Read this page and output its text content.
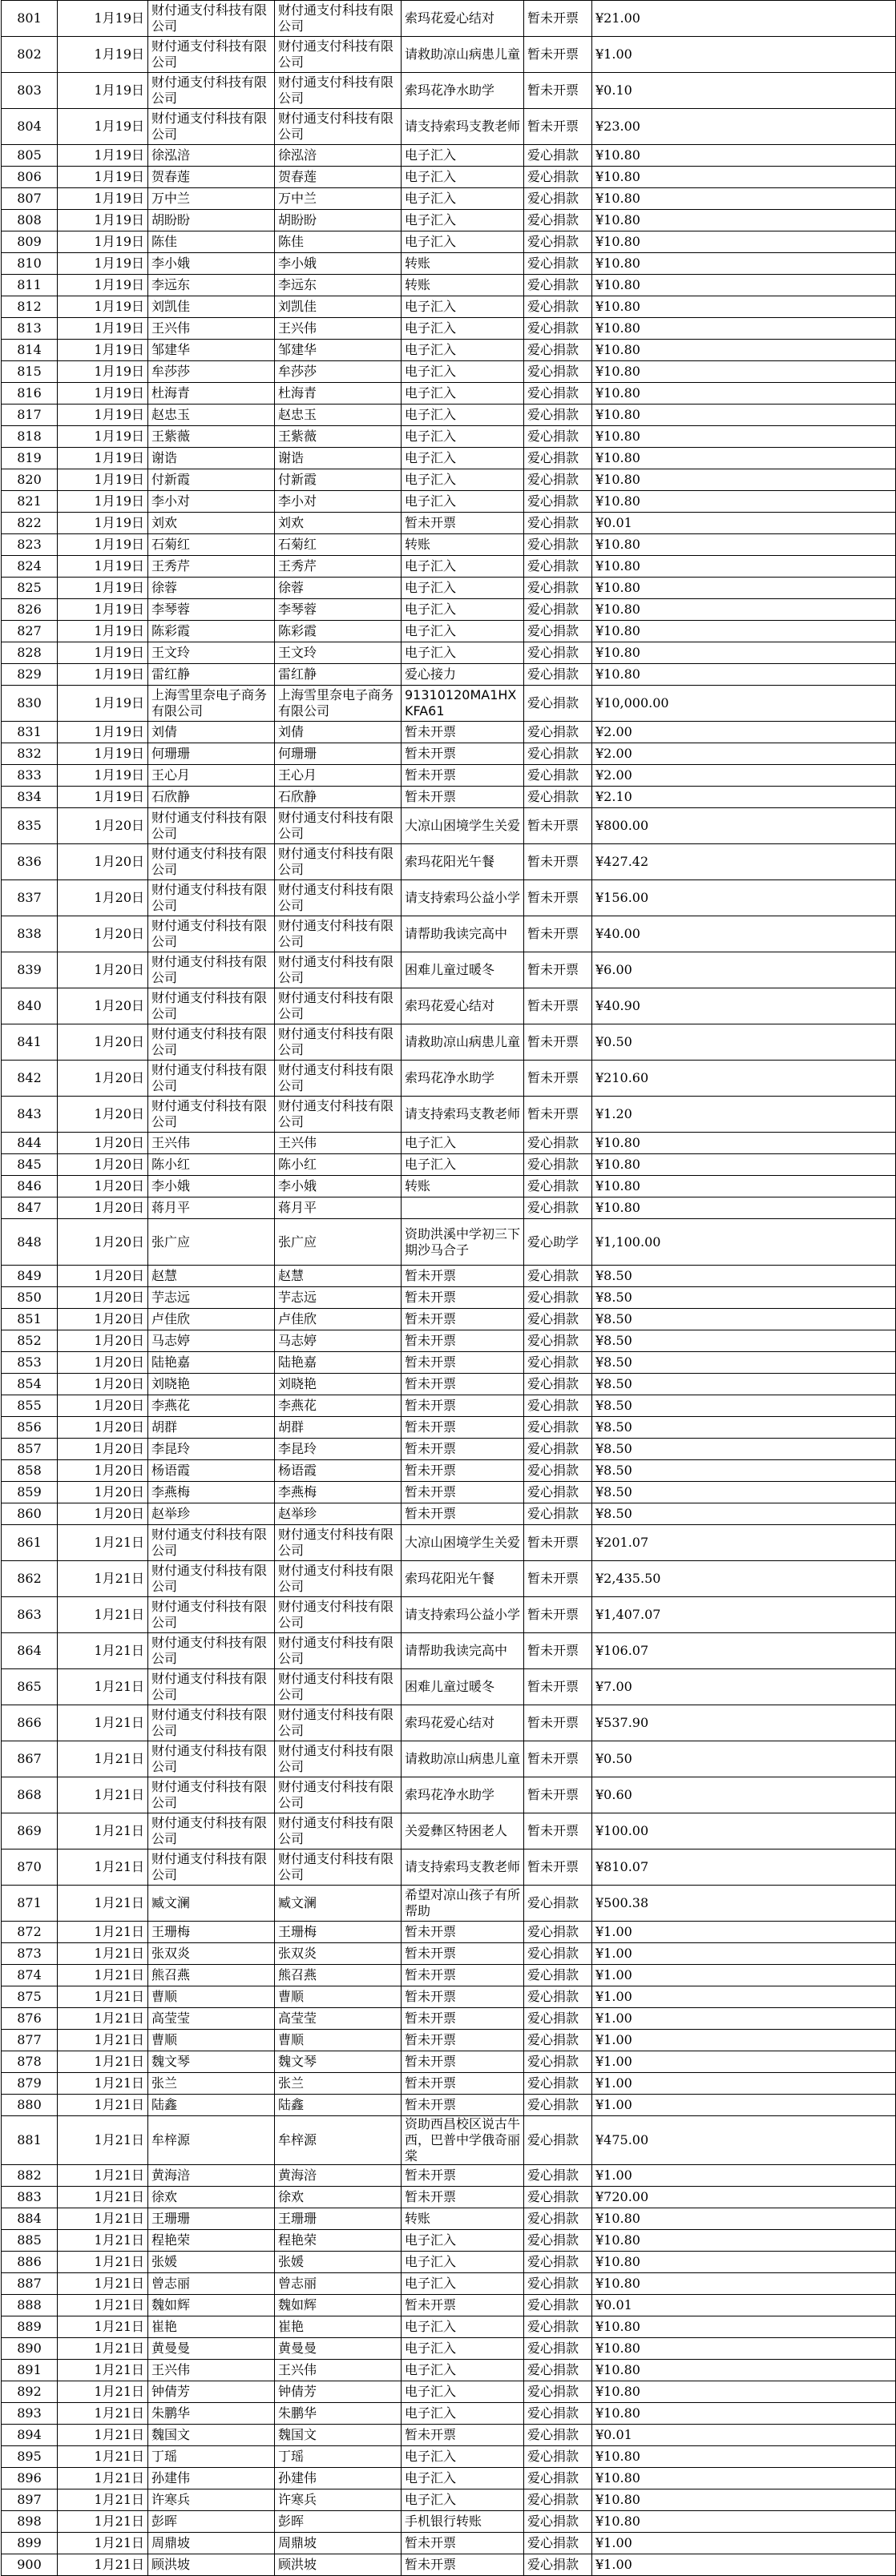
801	1月19日	财付通支付科技有限公司	财付通支付科技有限公司	索玛花爱心结对	暂未开票	¥21.00
802	1月19日	财付通支付科技有限公司	财付通支付科技有限公司	请救助凉山病患儿童	暂未开票	¥1.00
803	1月19日	财付通支付科技有限公司	财付通支付科技有限公司	索玛花净水助学	暂未开票	¥0.10
804	1月19日	财付通支付科技有限公司	财付通支付科技有限公司	请支持索玛支教老师	暂未开票	¥23.00
805	1月19日	徐泓涪	徐泓涪	电子汇入	爱心捐款	¥10.80
806	1月19日	贺春莲	贺春莲	电子汇入	爱心捐款	¥10.80
807	1月19日	万中兰	万中兰	电子汇入	爱心捐款	¥10.80
808	1月19日	胡盼盼	胡盼盼	电子汇入	爱心捐款	¥10.80
809	1月19日	陈佳	陈佳	电子汇入	爱心捐款	¥10.80
810	1月19日	李小娥	李小娥	转账	爱心捐款	¥10.80
811	1月19日	李远东	李远东	转账	爱心捐款	¥10.80
812	1月19日	刘凯佳	刘凯佳	电子汇入	爱心捐款	¥10.80
813	1月19日	王兴伟	王兴伟	电子汇入	爱心捐款	¥10.80
814	1月19日	邹建华	邹建华	电子汇入	爱心捐款	¥10.80
815	1月19日	牟莎莎	牟莎莎	电子汇入	爱心捐款	¥10.80
816	1月19日	杜海青	杜海青	电子汇入	爱心捐款	¥10.80
817	1月19日	赵忠玉	赵忠玉	电子汇入	爱心捐款	¥10.80
818	1月19日	王紫薇	王紫薇	电子汇入	爱心捐款	¥10.80
819	1月19日	谢诰	谢诰	电子汇入	爱心捐款	¥10.80
820	1月19日	付新霞	付新霞	电子汇入	爱心捐款	¥10.80
821	1月19日	李小对	李小对	电子汇入	爱心捐款	¥10.80
822	1月19日	刘欢	刘欢	暂未开票	爱心捐款	¥0.01
823	1月19日	石菊红	石菊红	转账	爱心捐款	¥10.80
824	1月19日	王秀芹	王秀芹	电子汇入	爱心捐款	¥10.80
825	1月19日	徐蓉	徐蓉	电子汇入	爱心捐款	¥10.80
826	1月19日	李琴蓉	李琴蓉	电子汇入	爱心捐款	¥10.80
827	1月19日	陈彩霞	陈彩霞	电子汇入	爱心捐款	¥10.80
828	1月19日	王文玲	王文玲	电子汇入	爱心捐款	¥10.80
829	1月19日	雷红静	雷红静	爱心接力	爱心捐款	¥10.80
830	1月19日	上海雪里奈电子商务有限公司	上海雪里奈电子商务有限公司	91310120MA1HXKFA61	爱心捐款	¥10,000.00
831	1月19日	刘倩	刘倩	暂未开票	爱心捐款	¥2.00
832	1月19日	何珊珊	何珊珊	暂未开票	爱心捐款	¥2.00
833	1月19日	王心月	王心月	暂未开票	爱心捐款	¥2.00
834	1月19日	石欣静	石欣静	暂未开票	爱心捐款	¥2.10
835	1月20日	财付通支付科技有限公司	财付通支付科技有限公司	大凉山困境学生关爱	暂未开票	¥800.00
836	1月20日	财付通支付科技有限公司	财付通支付科技有限公司	索玛花阳光午餐	暂未开票	¥427.42
837	1月20日	财付通支付科技有限公司	财付通支付科技有限公司	请支持索玛公益小学	暂未开票	¥156.00
838	1月20日	财付通支付科技有限公司	财付通支付科技有限公司	请帮助我读完高中	暂未开票	¥40.00
839	1月20日	财付通支付科技有限公司	财付通支付科技有限公司	困难儿童过暖冬	暂未开票	¥6.00
840	1月20日	财付通支付科技有限公司	财付通支付科技有限公司	索玛花爱心结对	暂未开票	¥40.90
841	1月20日	财付通支付科技有限公司	财付通支付科技有限公司	请救助凉山病患儿童	暂未开票	¥0.50
842	1月20日	财付通支付科技有限公司	财付通支付科技有限公司	索玛花净水助学	暂未开票	¥210.60
843	1月20日	财付通支付科技有限公司	财付通支付科技有限公司	请支持索玛支教老师	暂未开票	¥1.20
844	1月20日	王兴伟	王兴伟	电子汇入	爱心捐款	¥10.80
845	1月20日	陈小红	陈小红	电子汇入	爱心捐款	¥10.80
846	1月20日	李小娥	李小娥	转账	爱心捐款	¥10.80
847	1月20日	蒋月平	蒋月平		爱心捐款	¥10.80
848	1月20日	张广应	张广应	资助洪溪中学初三下期沙马合子	爱心助学	¥1,100.00
849	1月20日	赵慧	赵慧	暂未开票	爱心捐款	¥8.50
850	1月20日	芋志远	芋志远	暂未开票	爱心捐款	¥8.50
851	1月20日	卢佳欣	卢佳欣	暂未开票	爱心捐款	¥8.50
852	1月20日	马志婷	马志婷	暂未开票	爱心捐款	¥8.50
853	1月20日	陆艳嘉	陆艳嘉	暂未开票	爱心捐款	¥8.50
854	1月20日	刘晓艳	刘晓艳	暂未开票	爱心捐款	¥8.50
855	1月20日	李燕花	李燕花	暂未开票	爱心捐款	¥8.50
856	1月20日	胡群	胡群	暂未开票	爱心捐款	¥8.50
857	1月20日	李昆玲	李昆玲	暂未开票	爱心捐款	¥8.50
858	1月20日	杨语霞	杨语霞	暂未开票	爱心捐款	¥8.50
859	1月20日	李燕梅	李燕梅	暂未开票	爱心捐款	¥8.50
860	1月20日	赵举珍	赵举珍	暂未开票	爱心捐款	¥8.50
861	1月21日	财付通支付科技有限公司	财付通支付科技有限公司	大凉山困境学生关爱	暂未开票	¥201.07
862	1月21日	财付通支付科技有限公司	财付通支付科技有限公司	索玛花阳光午餐	暂未开票	¥2,435.50
863	1月21日	财付通支付科技有限公司	财付通支付科技有限公司	请支持索玛公益小学	暂未开票	¥1,407.07
864	1月21日	财付通支付科技有限公司	财付通支付科技有限公司	请帮助我读完高中	暂未开票	¥106.07
865	1月21日	财付通支付科技有限公司	财付通支付科技有限公司	困难儿童过暖冬	暂未开票	¥7.00
866	1月21日	财付通支付科技有限公司	财付通支付科技有限公司	索玛花爱心结对	暂未开票	¥537.90
867	1月21日	财付通支付科技有限公司	财付通支付科技有限公司	请救助凉山病患儿童	暂未开票	¥0.50
868	1月21日	财付通支付科技有限公司	财付通支付科技有限公司	索玛花净水助学	暂未开票	¥0.60
869	1月21日	财付通支付科技有限公司	财付通支付科技有限公司	关爱彝区特困老人	暂未开票	¥100.00
870	1月21日	财付通支付科技有限公司	财付通支付科技有限公司	请支持索玛支教老师	暂未开票	¥810.07
871	1月21日	臧文澜	臧文澜	希望对凉山孩子有所帮助	爱心捐款	¥500.38
872	1月21日	王珊梅	王珊梅	暂未开票	爱心捐款	¥1.00
873	1月21日	张双炎	张双炎	暂未开票	爱心捐款	¥1.00
874	1月21日	熊召燕	熊召燕	暂未开票	爱心捐款	¥1.00
875	1月21日	曹顺	曹顺	暂未开票	爱心捐款	¥1.00
876	1月21日	高莹莹	高莹莹	暂未开票	爱心捐款	¥1.00
877	1月21日	曹顺	曹顺	暂未开票	爱心捐款	¥1.00
878	1月21日	魏文琴	魏文琴	暂未开票	爱心捐款	¥1.00
879	1月21日	张兰	张兰	暂未开票	爱心捐款	¥1.00
880	1月21日	陆鑫	陆鑫	暂未开票	爱心捐款	¥1.00
881	1月21日	牟梓源	牟梓源	资助西昌校区说古牛西，巴普中学俄奇丽棠	爱心捐款	¥475.00
882	1月21日	黄海涪	黄海涪	暂未开票	爱心捐款	¥1.00
883	1月21日	徐欢	徐欢	暂未开票	爱心捐款	¥720.00
884	1月21日	王珊珊	王珊珊	转账	爱心捐款	¥10.80
885	1月21日	程艳荣	程艳荣	电子汇入	爱心捐款	¥10.80
886	1月21日	张媛	张媛	电子汇入	爱心捐款	¥10.80
887	1月21日	曾志丽	曾志丽	电子汇入	爱心捐款	¥10.80
888	1月21日	魏如辉	魏如辉	暂未开票	爱心捐款	¥0.01
889	1月21日	崔艳	崔艳	电子汇入	爱心捐款	¥10.80
890	1月21日	黄曼曼	黄曼曼	电子汇入	爱心捐款	¥10.80
891	1月21日	王兴伟	王兴伟	电子汇入	爱心捐款	¥10.80
892	1月21日	钟倩芳	钟倩芳	电子汇入	爱心捐款	¥10.80
893	1月21日	朱鹏华	朱鹏华	电子汇入	爱心捐款	¥10.80
894	1月21日	魏国文	魏国文	暂未开票	爱心捐款	¥0.01
895	1月21日	丁瑶	丁瑶	电子汇入	爱心捐款	¥10.80
896	1月21日	孙建伟	孙建伟	电子汇入	爱心捐款	¥10.80
897	1月21日	许寒兵	许寒兵	电子汇入	爱心捐款	¥10.80
898	1月21日	彭晖	彭晖	手机银行转账	爱心捐款	¥10.80
899	1月21日	周鼎坡	周鼎坡	暂未开票	爱心捐款	¥1.00
900	1月21日	顾洪坡	顾洪坡	暂未开票	爱心捐款	¥1.00
